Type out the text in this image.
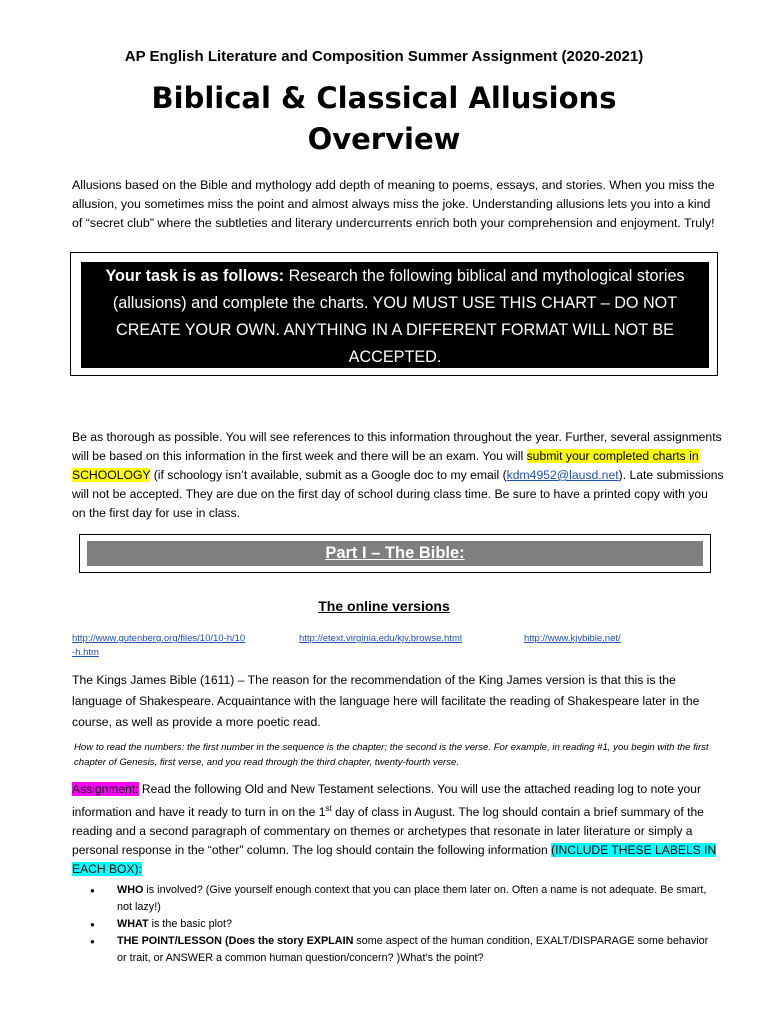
AP English Literature and Composition Summer Assignment (2020-2021)
Biblical & Classical Allusions
Overview
Allusions based on the Bible and mythology add depth of meaning to poems, essays, and stories. When you miss the allusion, you sometimes miss the point and almost always miss the joke. Understanding allusions lets you into a kind of “secret club” where the subtleties and literary undercurrents enrich both your comprehension and enjoyment. Truly!
Your task is as follows: Research the following biblical and mythological stories (allusions) and complete the charts. YOU MUST USE THIS CHART – DO NOT CREATE YOUR OWN. ANYTHING IN A DIFFERENT FORMAT WILL NOT BE ACCEPTED.
Be as thorough as possible. You will see references to this information throughout the year. Further, several assignments will be based on this information in the first week and there will be an exam. You will submit your completed charts in SCHOOLOGY (if schoology isn’t available, submit as a Google doc to my email (kdm4952@lausd.net). Late submissions will not be accepted. They are due on the first day of school during class time. Be sure to have a printed copy with you on the first day for use in class.
Part I – The Bible:
The online versions
http://www.gutenberg.org/files/10/10-h/10-h.htm
http://etext.virginia.edu/kjv.browse.html	http://www.kjvbible.net/
The Kings James Bible (1611) – The reason for the recommendation of the King James version is that this is the language of Shakespeare. Acquaintance with the language here will facilitate the reading of Shakespeare later in the course, as well as provide a more poetic read.
How to read the numbers: the first number in the sequence is the chapter; the second is the verse. For example, in reading #1, you begin with the first chapter of Genesis, first verse, and you read through the third chapter, twenty-fourth verse.
Assignment: Read the following Old and New Testament selections. You will use the attached reading log to note your information and have it ready to turn in on the 1st day of class in August. The log should contain a brief summary of the reading and a second paragraph of commentary on themes or archetypes that resonate in later literature or simply a personal response in the “other” column. The log should contain the following information (INCLUDE THESE LABELS IN EACH BOX):
● WHO is involved? (Give yourself enough context that you can place them later on. Often a name is not adequate. Be smart, not lazy!)
● WHAT is the basic plot?
● THE POINT/LESSON (Does the story EXPLAIN some aspect of the human condition, EXALT/DISPARAGE some behavior or trait, or ANSWER a common human question/concern? )What’s the point?
